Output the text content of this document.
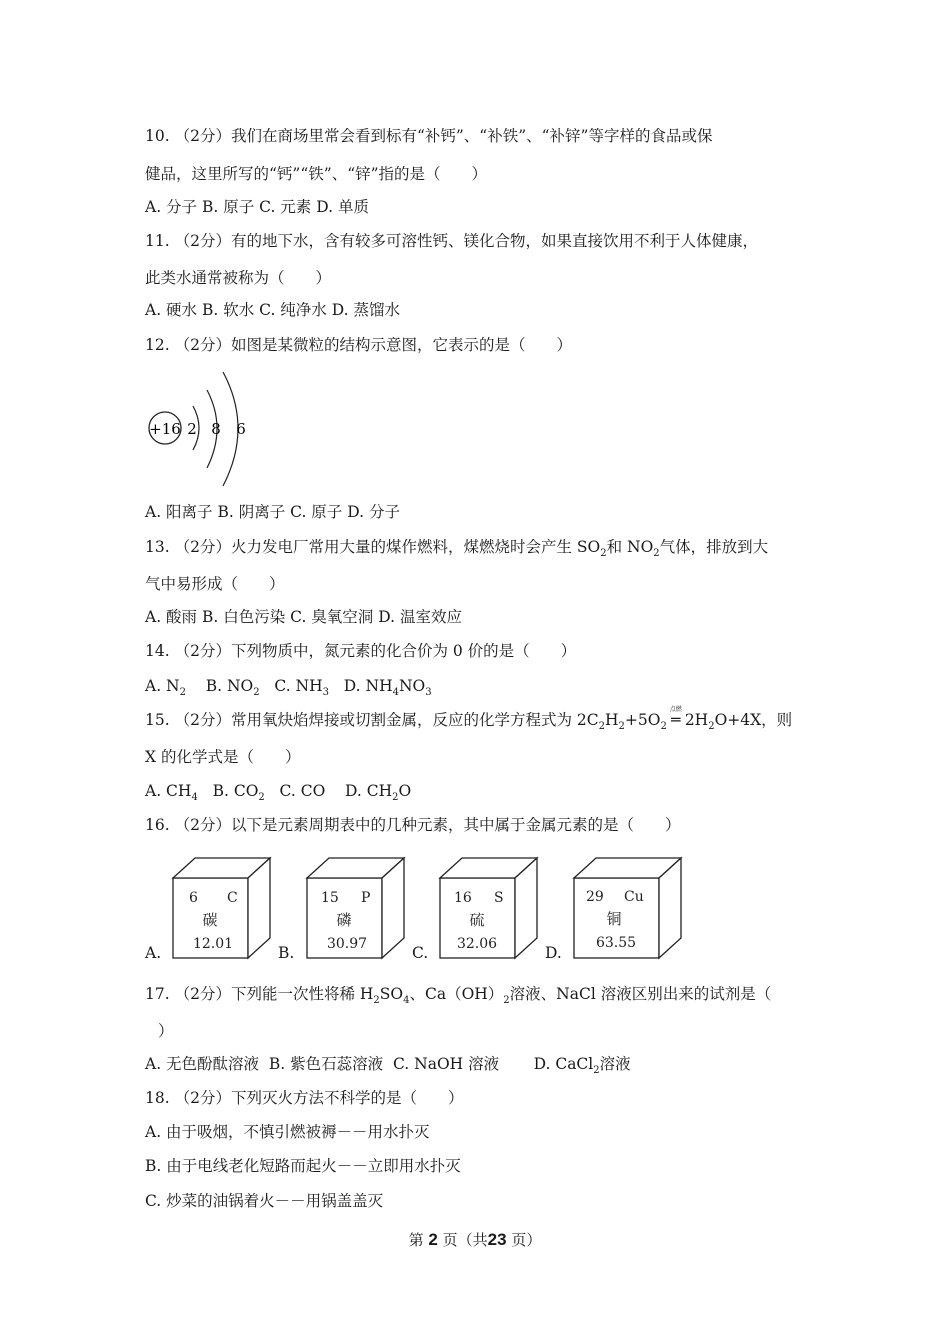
10. （2分）我们在商场里常会看到标有“补钙”、“补铁”、“补锌”等字样的食品或保
健品，这里所写的“钙”“铁”、“锌”指的是（　　）
A. 分子 B. 原子 C. 元素 D. 单质
11. （2分）有的地下水，含有较多可溶性钙、镁化合物，如果直接饮用不利于人体健康，
此类水通常被称为（　　）
A. 硬水 B. 软水 C. 纯净水 D. 蒸馏水
12. （2分）如图是某微粒的结构示意图，它表示的是（　　）
+16 2 8 6
A. 阳离子 B. 阴离子 C. 原子 D. 分子
13. （2分）火力发电厂常用大量的煤作燃料，煤燃烧时会产生 $SO_2$和 $NO_2$气体，排放到大
气中易形成（　　）
A. 酸雨 B. 白色污染 C. 臭氧空洞 D. 温室效应
14. （2分）下列物质中，氮元素的化合价为 0 价的是（　　）
A. $N_2$    B. $NO_2$   C. $NH_3$   D. $NH_4NO_3$
15. （2分）常用氧炔焰焊接或切割金属，反应的化学方程式为 $2C_2H_2+5O_2$
点燃
═ $2H_2O+4X$，则
X 的化学式是（　　）
A. $CH_4$   B. $CO_2$   C. CO    D. $CH_2O$
16. （2分）以下是元素周期表中的几种元素，其中属于金属元素的是（　　）
6 C
碳
12.01
15 P
磷
30.97
16 S
硫
32.06
29 Cu
铜
63.55
A.	B.	C.	D.
17. （2分）下列能一次性将稀 $H_2SO_4$、$Ca(OH)_2$溶液、NaCl 溶液区别出来的试剂是（
）
A. 无色酚酞溶液  B. 紫色石蕊溶液  C. NaOH 溶液       D. CaCl$_2$溶液
18. （2分）下列灭火方法不科学的是（　　）
A. 由于吸烟，不慎引燃被褥－－用水扑灭
B. 由于电线老化短路而起火－－立即用水扑灭
C. 炒菜的油锅着火－－用锅盖盖灭
第 2 页（共23 页）
